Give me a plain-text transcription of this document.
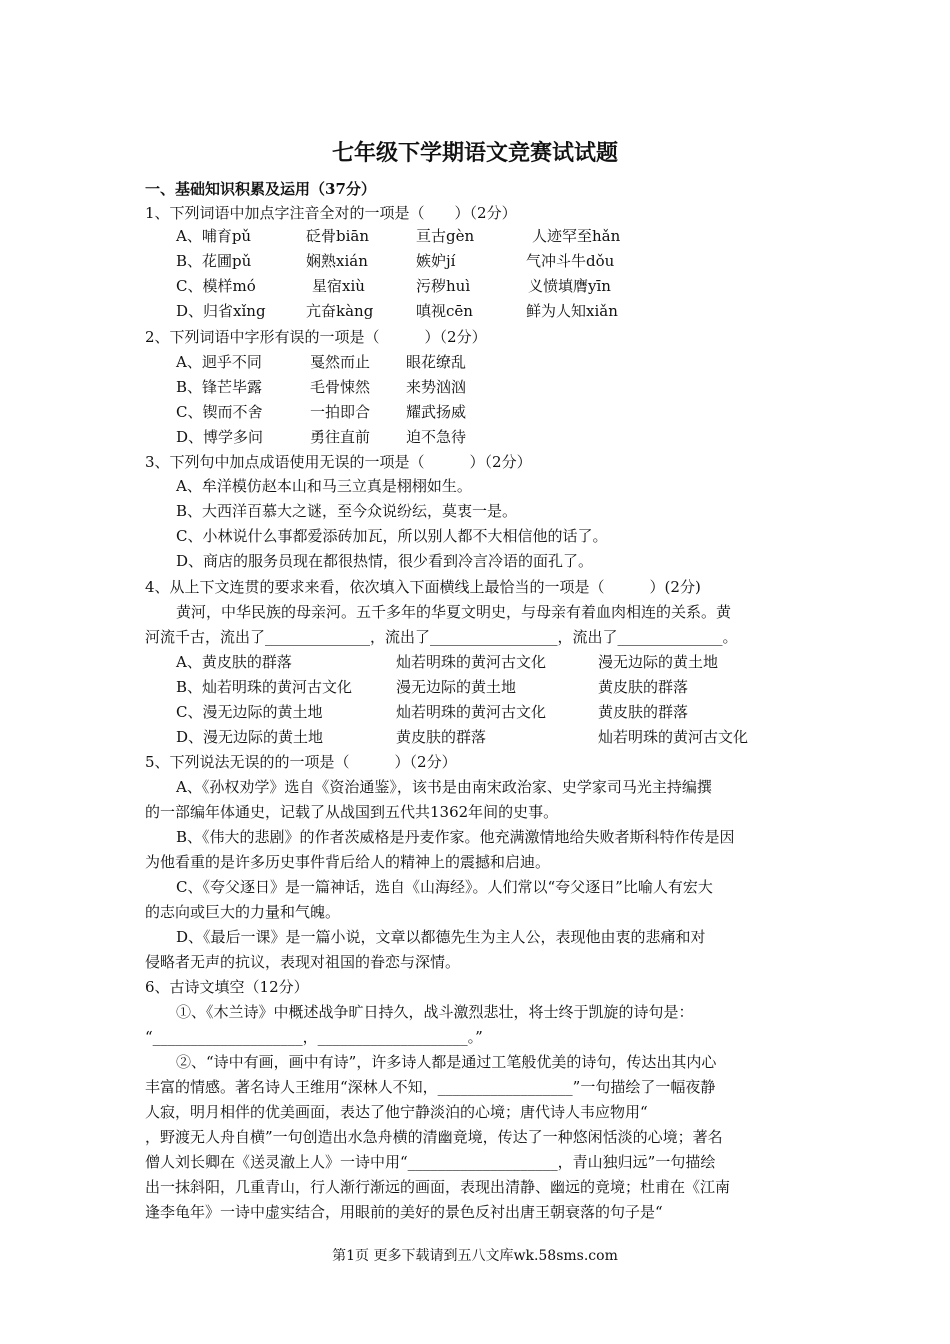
七年级下学期语文竞赛试试题
一、基础知识积累及运用（37分）
1、下列词语中加点字注音全对的一项是（　　）（2分）
A、哺育pǔ	砭骨biān	亘古gèn	人迹罕至hǎn
B、花圃pǔ	娴熟xián	嫉妒jí	气冲斗牛dǒu
C、模样mó	星宿xiù	污秽huì	义愤填膺yīn
D、归省xǐng	亢奋kàng	嗔视cēn	鲜为人知xiǎn
2、下列词语中字形有误的一项是（　　　）（2分）
A、迥乎不同	戛然而止 眼花缭乱
B、锋芒毕露	毛骨悚然 来势汹汹
C、锲而不舍	一拍即合 耀武扬威
D、博学多问	勇往直前 迫不急待
3、下列句中加点成语使用无误的一项是（　　　）（2分）
A、牟洋模仿赵本山和马三立真是栩栩如生。
B、大西洋百慕大之谜，至今众说纷纭，莫衷一是。
C、小林说什么事都爱添砖加瓦，所以别人都不大相信他的话了。
D、商店的服务员现在都很热情，很少看到冷言冷语的面孔了。
4、从上下文连贯的要求来看，依次填入下面横线上最恰当的一项是（　　　）(2分)
黄河，中华民族的母亲河。五千多年的华夏文明史，与母亲有着血肉相连的关系。黄
河流千古，流出了______________，流出了_________________，流出了______________。
A、黄皮肤的群落	灿若明珠的黄河古文化	漫无边际的黄土地
B、灿若明珠的黄河古文化	漫无边际的黄土地	黄皮肤的群落
C、漫无边际的黄土地	灿若明珠的黄河古文化	黄皮肤的群落
D、漫无边际的黄土地	黄皮肤的群落	灿若明珠的黄河古文化
5、下列说法无误的的一项是（　　　）（2分）
A、《孙权劝学》选自《资治通鉴》，该书是由南宋政治家、史学家司马光主持编撰
的一部编年体通史，记载了从战国到五代共1362年间的史事。
B、《伟大的悲剧》的作者茨威格是丹麦作家。他充满激情地给失败者斯科特作传是因
为他看重的是许多历史事件背后给人的精神上的震撼和启迪。
C、《夸父逐日》是一篇神话，选自《山海经》。人们常以“夸父逐日”比喻人有宏大
的志向或巨大的力量和气魄。
D、《最后一课》是一篇小说，文章以都德先生为主人公，表现他由衷的悲痛和对
侵略者无声的抗议，表现对祖国的眷恋与深情。
6、古诗文填空（12分）
①、《木兰诗》中概述战争旷日持久，战斗激烈悲壮，将士终于凯旋的诗句是：
“____________________，____________________。”
②、“诗中有画，画中有诗”，许多诗人都是通过工笔般优美的诗句，传达出其内心
丰富的情感。著名诗人王维用“深林人不知，__________________”一句描绘了一幅夜静
人寂，明月相伴的优美画面，表达了他宁静淡泊的心境；唐代诗人韦应物用“
，野渡无人舟自横”一句创造出水急舟横的清幽竟境，传达了一种悠闲恬淡的心境；著名
僧人刘长卿在《送灵澈上人》一诗中用“____________________，青山独归远”一句描绘
出一抹斜阳，几重青山，行人渐行渐远的画面，表现出清静、幽远的竟境；杜甫在《江南
逢李龟年》一诗中虚实结合，用眼前的美好的景色反衬出唐王朝衰落的句子是“
第1页 更多下载请到五八文库wk.58sms.com
